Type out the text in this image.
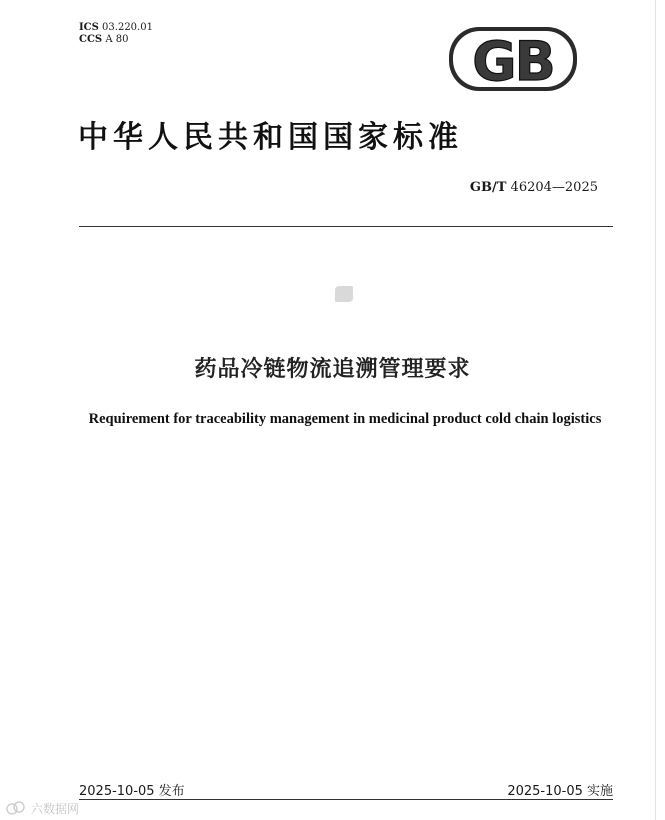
ICS 03.220.01
CCS A 80	GB
中华人民共和国国家标准
GB/T 46204—2025
药品冷链物流追溯管理要求
Requirement for traceability management in medicinal product cold chain logistics
2025-10-05 发布	2025-10-05 实施
六数据网
